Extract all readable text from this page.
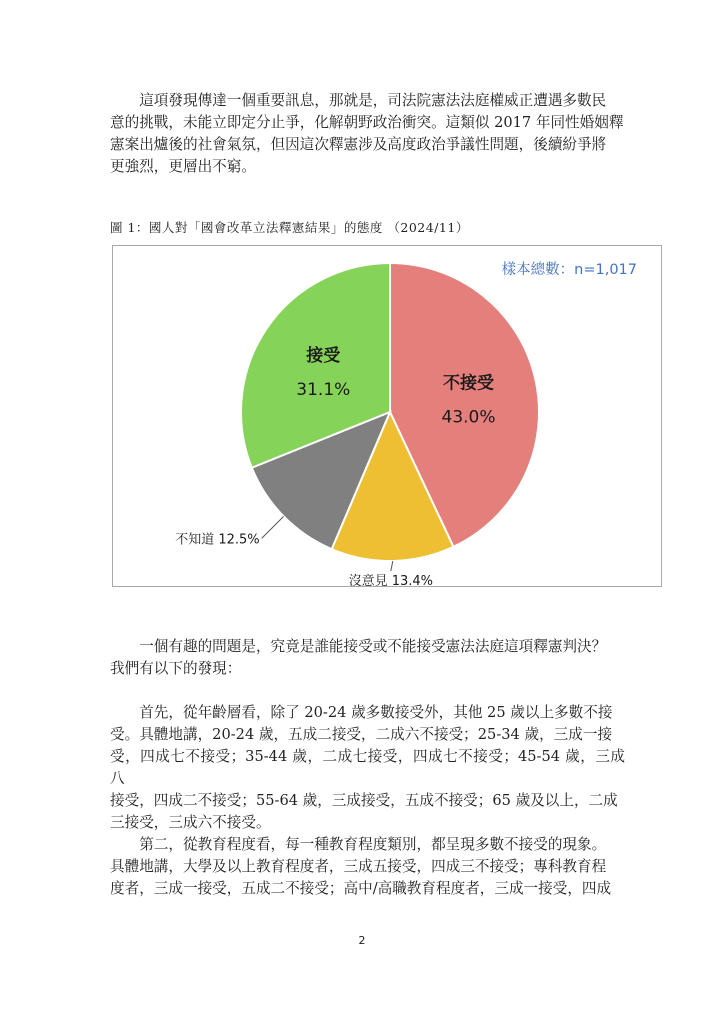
　　這項發現傳達一個重要訊息，那就是，司法院憲法法庭權威正遭遇多數民
意的挑戰，未能立即定分止爭，化解朝野政治衝突。這類似 2017 年同性婚姻釋
憲案出爐後的社會氣氛，但因這次釋憲涉及高度政治爭議性問題，後續紛爭將
更強烈，更層出不窮。

圖 1：國人對「國會改革立法釋憲結果」的態度 （2024/11）

樣本總數：n=1,017
不接受
43.0%
沒意見 13.4%
不知道 12.5%
接受
31.1%

　　一個有趣的問題是，究竟是誰能接受或不能接受憲法法庭這項釋憲判決？
我們有以下的發現：

　　首先，從年齡層看，除了 20-24 歲多數接受外，其他 25 歲以上多數不接
受。具體地講，20-24 歲，五成二接受，二成六不接受；25-34 歲，三成一接
受，四成七不接受；35-44 歲，二成七接受，四成七不接受；45-54 歲，三成八
接受，四成二不接受；55-64 歲，三成接受，五成不接受；65 歲及以上，二成
三接受，三成六不接受。

　　第二，從教育程度看，每一種教育程度類別，都呈現多數不接受的現象。
具體地講，大學及以上教育程度者，三成五接受，四成三不接受；專科教育程
度者，三成一接受，五成二不接受；高中/高職教育程度者，三成一接受，四成

2
